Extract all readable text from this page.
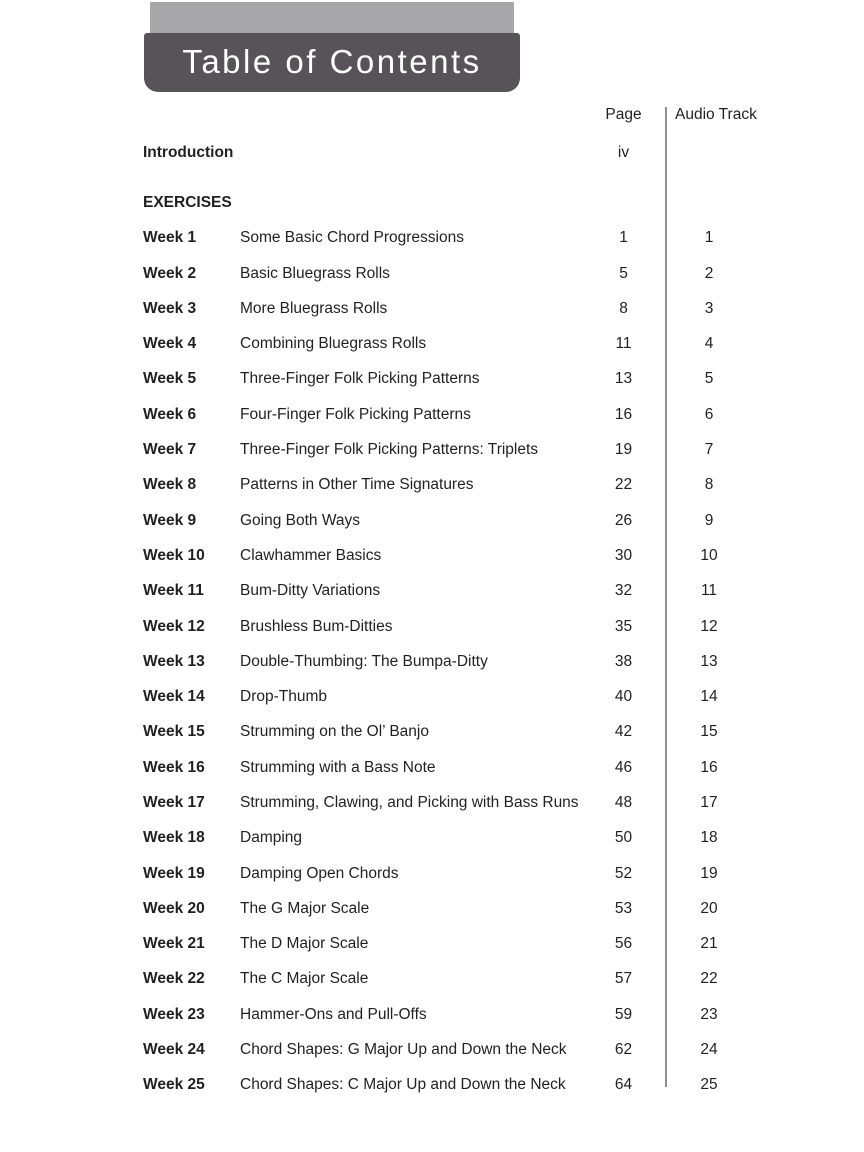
Table of Contents
Page	Audio Track
Introduction	iv
EXERCISES
Week 1	Some Basic Chord Progressions	1	1
Week 2	Basic Bluegrass Rolls	5	2
Week 3	More Bluegrass Rolls	8	3
Week 4	Combining Bluegrass Rolls	11	4
Week 5	Three-Finger Folk Picking Patterns	13	5
Week 6	Four-Finger Folk Picking Patterns	16	6
Week 7	Three-Finger Folk Picking Patterns: Triplets	19	7
Week 8	Patterns in Other Time Signatures	22	8
Week 9	Going Both Ways	26	9
Week 10	Clawhammer Basics	30	10
Week 11	Bum-Ditty Variations	32	11
Week 12	Brushless Bum-Ditties	35	12
Week 13	Double-Thumbing: The Bumpa-Ditty	38	13
Week 14	Drop-Thumb	40	14
Week 15	Strumming on the Ol’ Banjo	42	15
Week 16	Strumming with a Bass Note	46	16
Week 17	Strumming, Clawing, and Picking with Bass Runs	48	17
Week 18	Damping	50	18
Week 19	Damping Open Chords	52	19
Week 20	The G Major Scale	53	20
Week 21	The D Major Scale	56	21
Week 22	The C Major Scale	57	22
Week 23	Hammer-Ons and Pull-Offs	59	23
Week 24	Chord Shapes: G Major Up and Down the Neck	62	24
Week 25	Chord Shapes: C Major Up and Down the Neck	64	25
